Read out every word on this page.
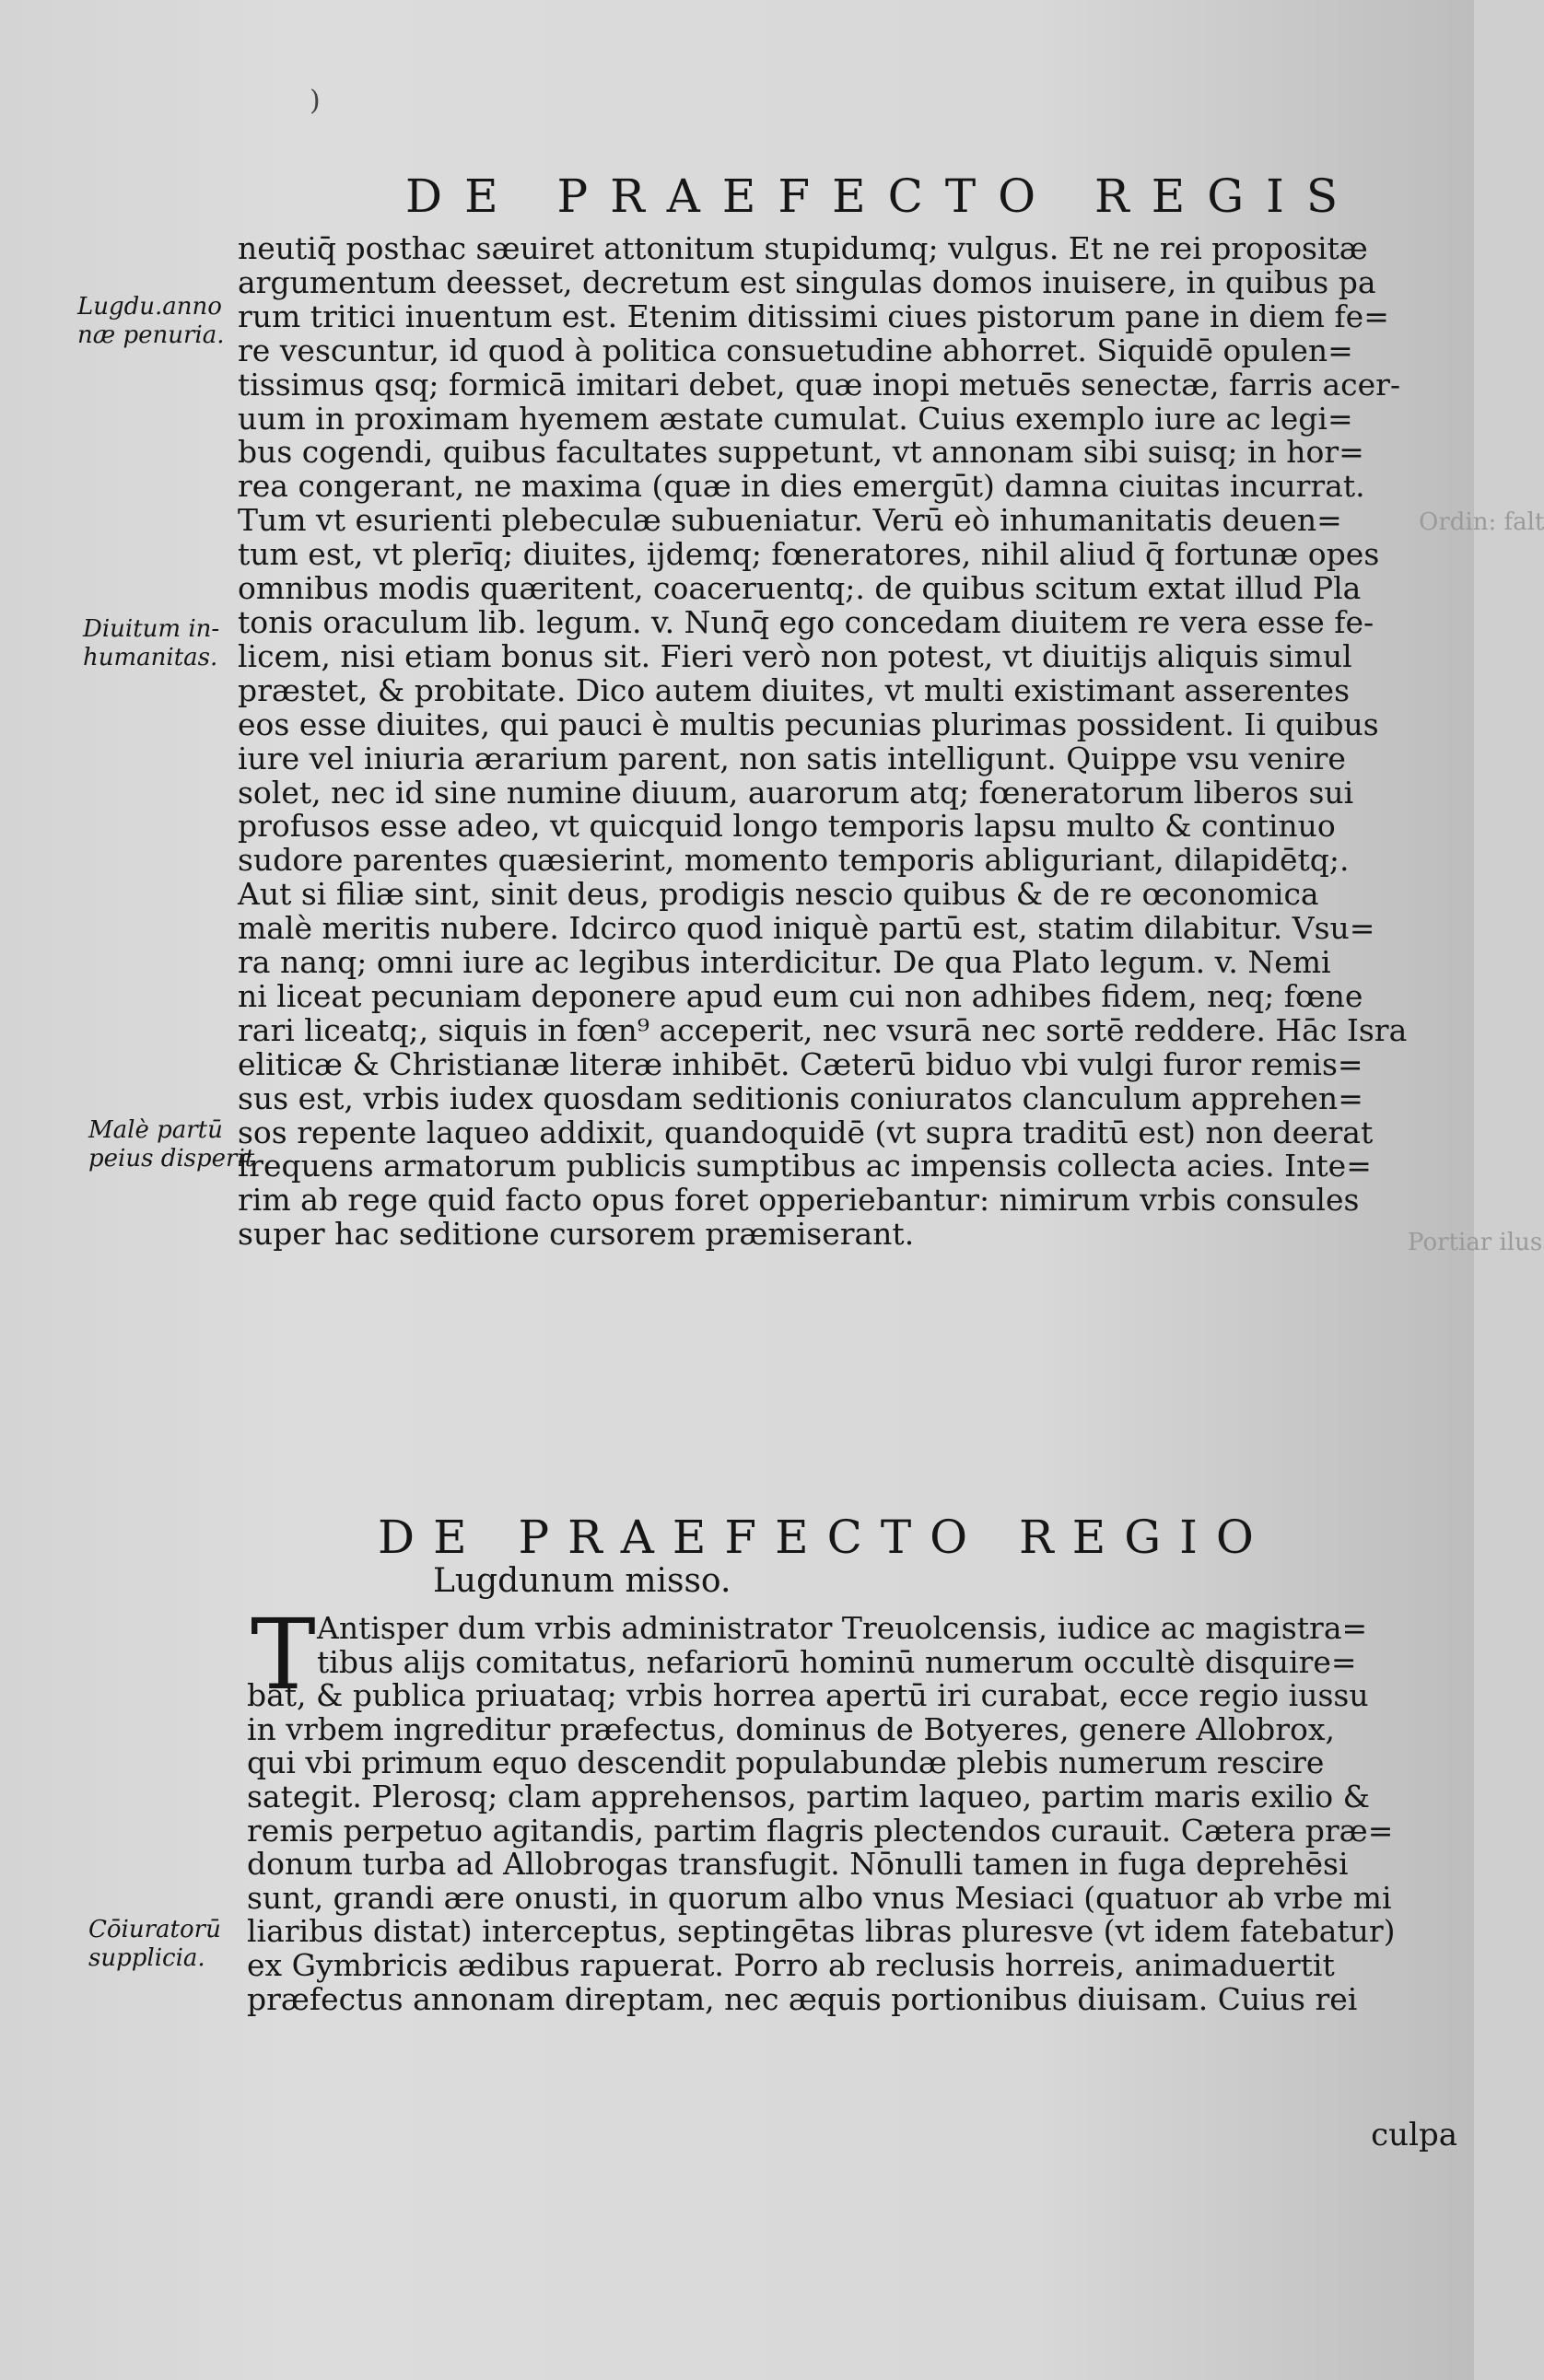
)
Ordin: falt
Portiar ilus
DE PRAEFECTO REGIS
Lugdu.anno
næ penuria.
Diuitum in-
humanitas.
Malè partū
peius disperit
Cōiuratorū
supplicia.
neutiq̄ posthac sæuiret attonitum stupidumq; vulgus. Et ne rei propositæ
argumentum deesset, decretum est singulas domos inuisere, in quibus pa
rum tritici inuentum est. Etenim ditissimi ciues pistorum pane in diem fe=
re vescuntur, id quod à politica consuetudine abhorret. Siquidē opulen=
tissimus qsq; formicā imitari debet, quæ inopi metuēs senectæ, farris acer-
uum in proximam hyemem æstate cumulat. Cuius exemplo iure ac legi=
bus cogendi, quibus facultates suppetunt, vt annonam sibi suisq; in hor=
rea congerant, ne maxima (quæ in dies emergūt) damna ciuitas incurrat.
Tum vt esurienti plebeculæ subueniatur. Verū eò inhumanitatis deuen=
tum est, vt plerīq; diuites, ijdemq; fœneratores, nihil aliud q̄ fortunæ opes
omnibus modis quæritent, coaceruentq;. de quibus scitum extat illud Pla
tonis oraculum lib. legum. v. Nunq̄ ego concedam diuitem re vera esse fe-
licem, nisi etiam bonus sit. Fieri verò non potest, vt diuitijs aliquis simul
præstet, & probitate. Dico autem diuites, vt multi existimant asserentes
eos esse diuites, qui pauci è multis pecunias plurimas possident. Ii quibus
iure vel iniuria ærarium parent, non satis intelligunt. Quippe vsu venire
solet, nec id sine numine diuum, auarorum atq; fœneratorum liberos sui
profusos esse adeo, vt quicquid longo temporis lapsu multo & continuo
sudore parentes quæsierint, momento temporis abliguriant, dilapidētq;.
Aut si filiæ sint, sinit deus, prodigis nescio quibus & de re œconomica
malè meritis nubere. Idcirco quod iniquè partū est, statim dilabitur. Vsu=
ra nanq; omni iure ac legibus interdicitur. De qua Plato legum. v. Nemi
ni liceat pecuniam deponere apud eum cui non adhibes fidem, neq; fœne
rari liceatq;, siquis in fœn⁹ acceperit, nec vsurā nec sortē reddere. Hāc Isra
eliticæ & Christianæ literæ inhibēt. Cæterū biduo vbi vulgi furor remis=
sus est, vrbis iudex quosdam seditionis coniuratos clanculum apprehen=
sos repente laqueo addixit, quandoquidē (vt supra traditū est) non deerat
frequens armatorum publicis sumptibus ac impensis collecta acies. Inte=
rim ab rege quid facto opus foret opperiebantur: nimirum vrbis consules
super hac seditione cursorem præmiserant.
DE PRAEFECTO REGIO
Lugdunum misso.
T Antisper dum vrbis administrator Treuolcensis, iudice ac magistra=
tibus alijs comitatus, nefariorū hominū numerum occultè disquire=
bat, & publica priuataq; vrbis horrea apertū iri curabat, ecce regio iussu
in vrbem ingreditur præfectus, dominus de Botyeres, genere Allobrox,
qui vbi primum equo descendit populabundæ plebis numerum rescire
sategit. Plerosq; clam apprehensos, partim laqueo, partim maris exilio &
remis perpetuo agitandis, partim flagris plectendos curauit. Cætera præ=
donum turba ad Allobrogas transfugit. Nōnulli tamen in fuga deprehēsi
sunt, grandi ære onusti, in quorum albo vnus Mesiaci (quatuor ab vrbe mi
liaribus distat) interceptus, septingētas libras pluresve (vt idem fatebatur)
ex Gymbricis ædibus rapuerat. Porro ab reclusis horreis, animaduertit
præfectus annonam direptam, nec æquis portionibus diuisam. Cuius rei
culpa
